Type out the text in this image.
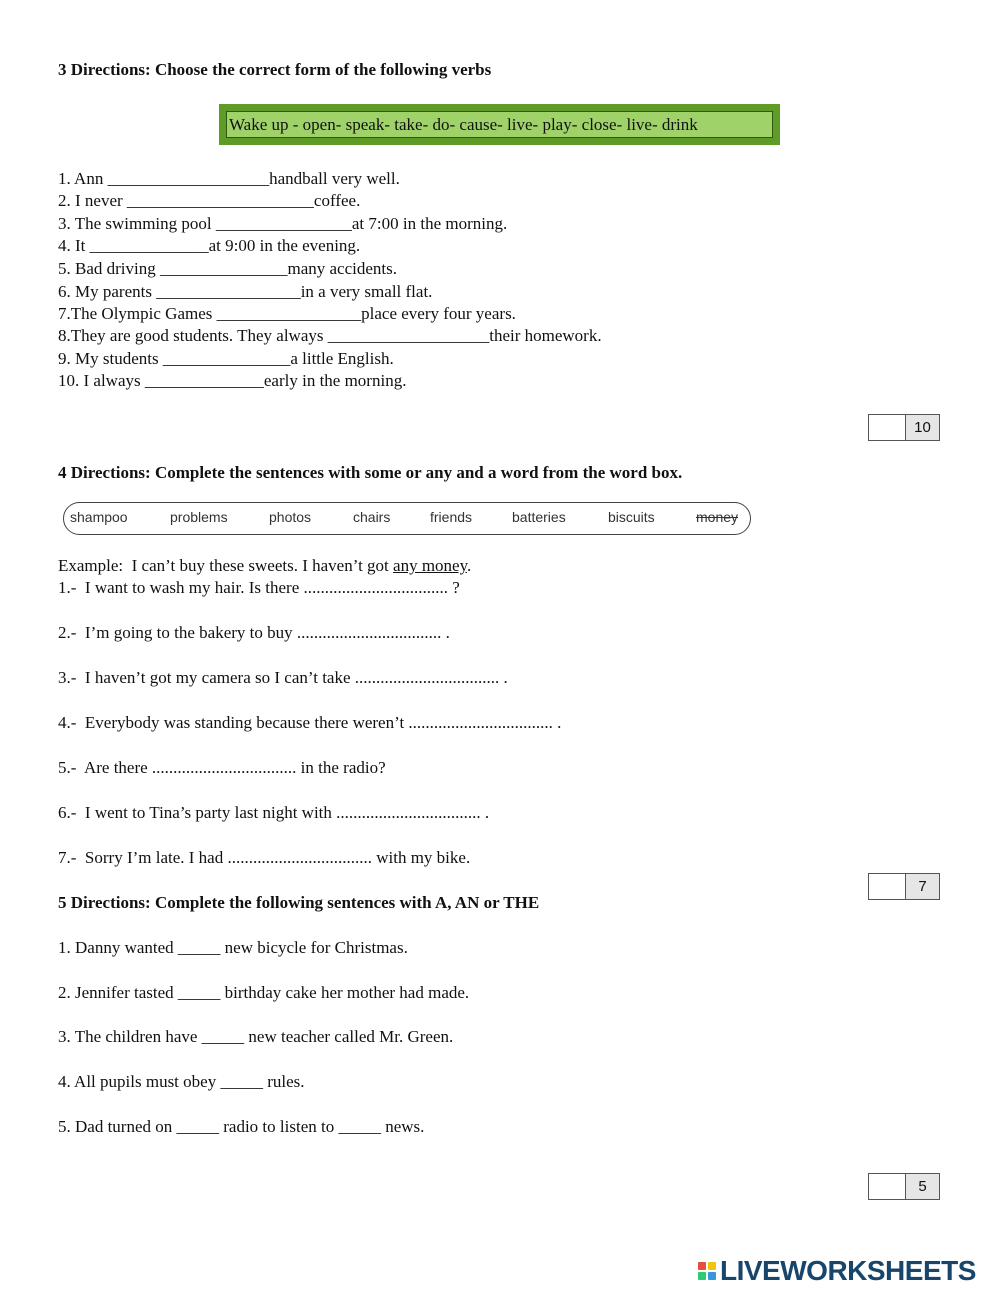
3 Directions: Choose the correct form of the following verbs
Wake up - open- speak- take- do- cause- live- play- close- live- drink
1. Ann ___________________handball very well.
2. I never ______________________coffee.
3. The swimming pool ________________at 7:00 in the morning.
4. It ______________at 9:00 in the evening.
5. Bad driving _______________many accidents.
6. My parents _________________in a very small flat.
7.The Olympic Games _________________place every four years.
8.They are good students. They always ___________________their homework.
9. My students _______________a little English.
10. I always ______________early in the morning.
10
4 Directions: Complete the sentences with some or any and a word from the word box.
shampoo	problems	photos	chairs	friends	batteries	biscuits	money
Example:  I can’t buy these sweets. I haven’t got any money.
1.-  I want to wash my hair. Is there .................................. ?
2.-  I’m going to the bakery to buy .................................. .
3.-  I haven’t got my camera so I can’t take .................................. .
4.-  Everybody was standing because there weren’t .................................. .
5.-  Are there .................................. in the radio?
6.-  I went to Tina’s party last night with .................................. .
7.-  Sorry I’m late. I had .................................. with my bike.
7
5 Directions: Complete the following sentences with A, AN or THE
1. Danny wanted _____ new bicycle for Christmas.
2. Jennifer tasted _____ birthday cake her mother had made.
3. The children have _____ new teacher called Mr. Green.
4. All pupils must obey _____ rules.
5. Dad turned on _____ radio to listen to _____ news.
5
LIVEWORKSHEETS
